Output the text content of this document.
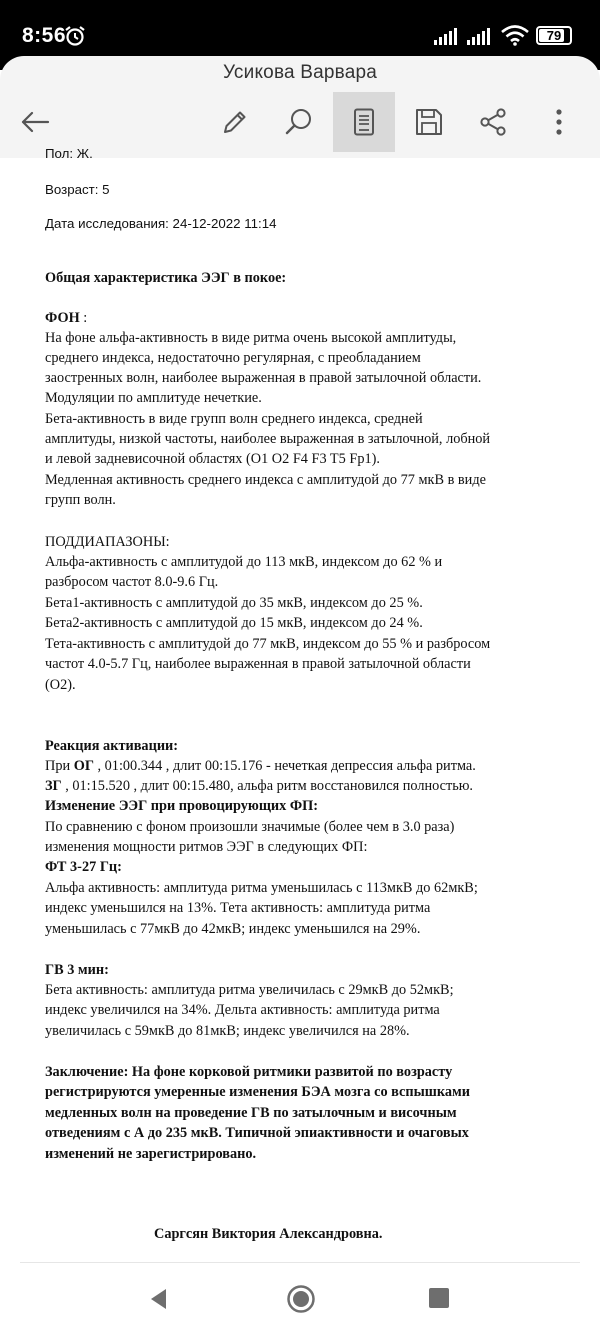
8:56	79
Усикова Варвара
Пол: Ж.
Возраст: 5
Дата исследования: 24-12-2022 11:14
Общая характеристика ЭЭГ в покое:
ФОН :
На фоне альфа-активность в виде ритма очень высокой амплитуды,
среднего индекса, недостаточно регулярная, с преобладанием
заостренных волн, наиболее выраженная в правой затылочной области.
Модуляции по амплитуде нечеткие.
Бета-активность в виде групп волн среднего индекса, средней
амплитуды, низкой частоты, наиболее выраженная в затылочной, лобной
и левой задневисочной областях (O1 O2 F4 F3 T5 Fp1).
Медленная активность среднего индекса с амплитудой до 77 мкВ в виде
групп волн.
ПОДДИАПАЗОНЫ:
Альфа-активность с амплитудой до 113 мкВ, индексом до 62 % и
разбросом частот 8.0-9.6 Гц.
Бета1-активность с амплитудой до 35 мкВ, индексом до 25 %.
Бета2-активность с амплитудой до 15 мкВ, индексом до 24 %.
Тета-активность с амплитудой до 77 мкВ, индексом до 55 % и разбросом
частот 4.0-5.7 Гц, наиболее выраженная в правой затылочной области
(O2).
Реакция активации:
При ОГ , 01:00.344 , длит 00:15.176 - нечеткая депрессия альфа ритма.
ЗГ , 01:15.520 , длит 00:15.480, альфа ритм восстановился полностью.
Изменение ЭЭГ при провоцирующих ФП:
По сравнению с фоном произошли значимые (более чем в 3.0 раза)
изменения мощности ритмов ЭЭГ в следующих ФП:
ФТ 3-27 Гц:
Альфа активность: амплитуда ритма уменьшилась с 113мкВ до 62мкВ;
индекс уменьшился на 13%. Тета активность: амплитуда ритма
уменьшилась с 77мкВ до 42мкВ; индекс уменьшился на 29%.
ГВ 3 мин:
Бета активность: амплитуда ритма увеличилась с 29мкВ до 52мкВ;
индекс увеличился на 34%. Дельта активность: амплитуда ритма
увеличилась с 59мкВ до 81мкВ; индекс увеличился на 28%.
Заключение: На фоне корковой ритмики развитой по возрасту
регистрируются умеренные изменения БЭА мозга со вспышками
медленных волн на проведение ГВ по затылочным и височным
отведениям с А до 235 мкВ. Типичной эпиактивности и очаговых
изменений не зарегистрировано.
Саргсян Виктория Александровна.
